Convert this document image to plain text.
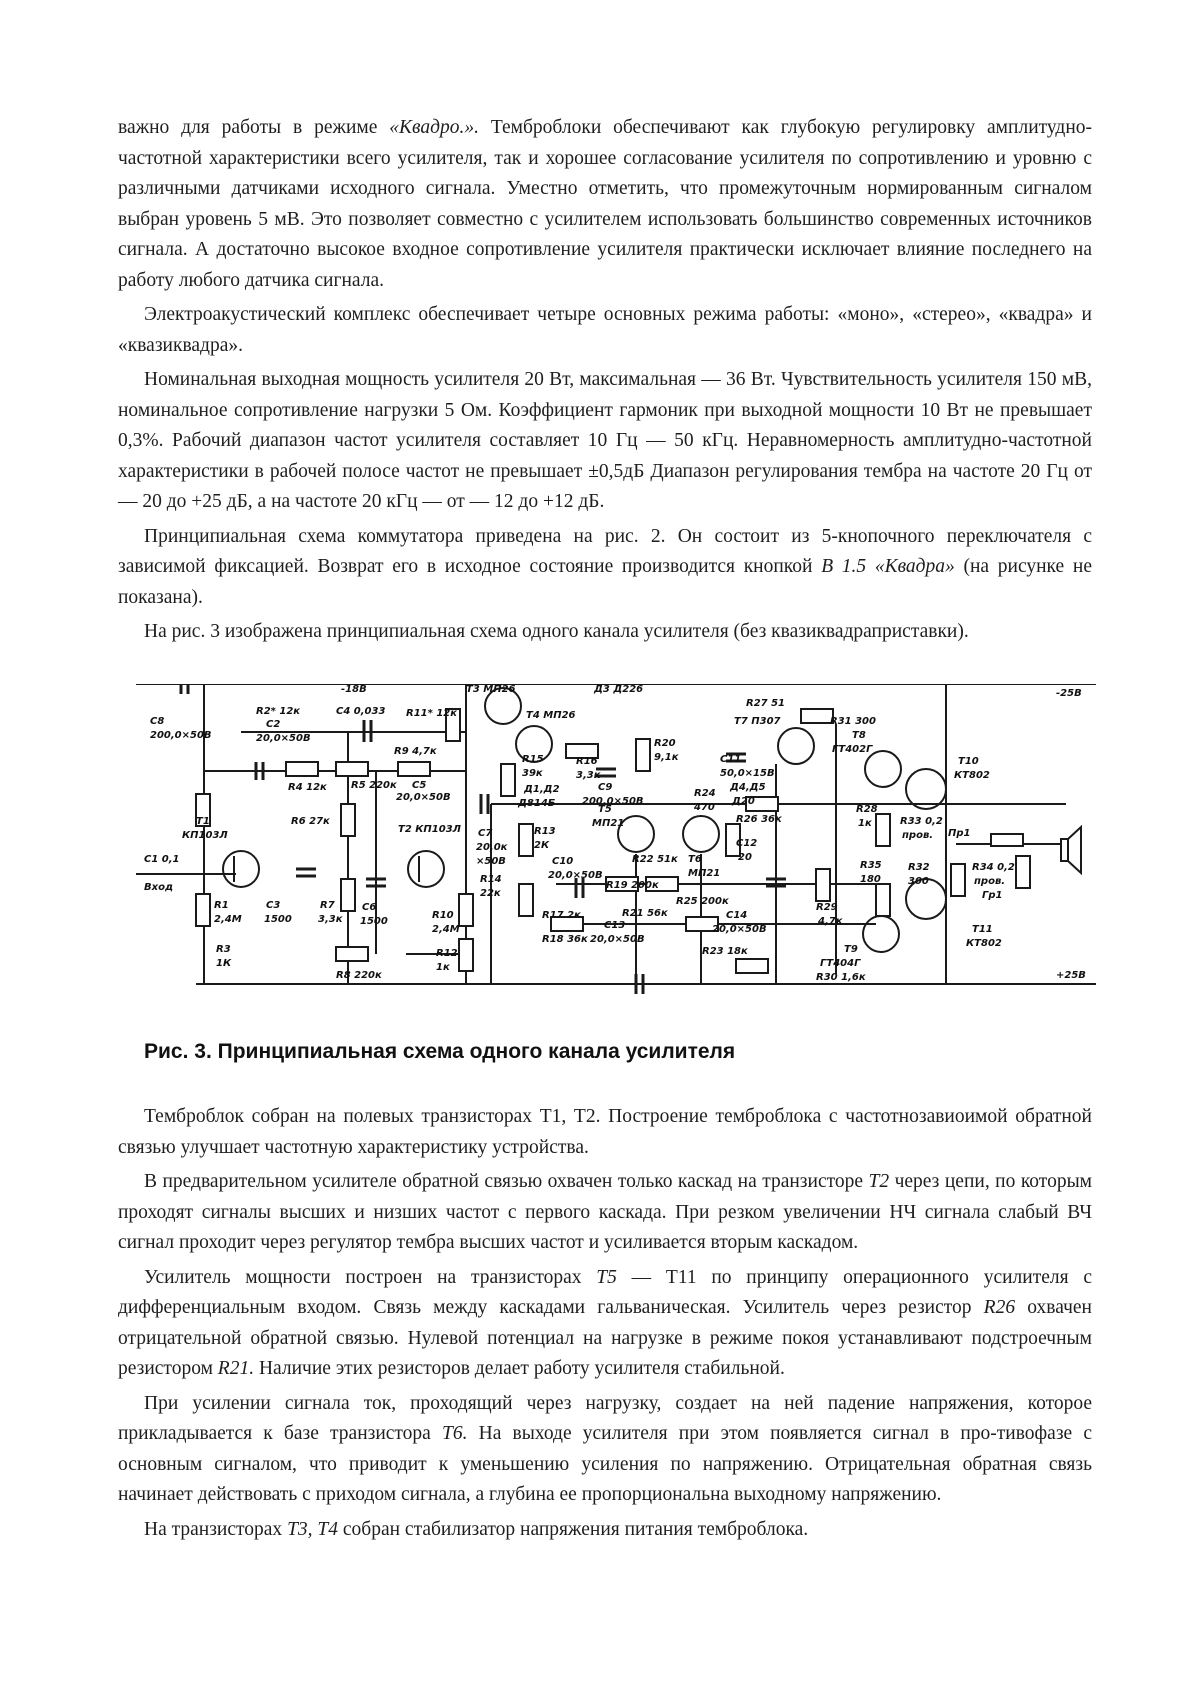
важно для работы в режиме «Квадро.». Темброблоки обеспечивают как глубокую регулировку амплитудно-частотной характеристики всего усилителя, так и хорошее согласование усилителя по сопротивлению и уровню с различными датчиками исходного сигнала. Уместно отметить, что промежуточным нормированным сигналом выбран уровень 5 мВ. Это позволяет совместно с усилителем использовать большинство современных источников сигнала. А достаточно высокое входное сопротивление усилителя практически исключает влияние последнего на работу любого датчика сигнала.

Электроакустический комплекс обеспечивает четыре основных режима работы: «моно», «стерео», «квадра» и «квазиквадра».

Номинальная выходная мощность усилителя 20 Вт, максимальная — 36 Вт. Чувствительность усилителя 150 мВ, номинальное сопротивление нагрузки 5 Ом. Коэффициент гармоник при выходной мощности 10 Вт не превышает 0,3%. Рабочий диапазон частот усилителя составляет 10 Гц — 50 кГц. Неравномерность амплитудно-частотной характеристики в рабочей полосе частот не превышает ±0,5дБ Диапазон регулирования тембра на частоте 20 Гц от — 20 до +25 дБ, а на частоте 20 кГц — от — 12 до +12 дБ.

Принципиальная схема коммутатора приведена на рис. 2. Он состоит из 5-кнопочного переключателя с зависимой фиксацией. Возврат его в исходное состояние производится кнопкой В 1.5 «Квадра» (на рисунке не показана).

На рис. 3 изображена принципиальная схема одного канала усилителя (без квазиквадраприставки).

-18В	-25В
+25В
Т3 МП26	Д3 Д226
Т4 МП26
С8
200,0×50В
R2* 12к	С4 0,033 R11* 12к
С2
20,0×50В
R9 4,7к
R4 12к R5 220к С5
20,0×50В
R6 27к
Т2 КП103Л
Т1
КП103Л
С1 0,1
Вход
R1
2,4М
С3
1500
R7
3,3к
С6
1500
R10
2,4М
R3
1К
R8 220к
R12
1к
R15
39к
R16
3,3к
Д1,Д2
Д814Б
С9
200,0×50В
С7
20,0к
×50В
R13
2К
Т5
МП21
R14
22к
С10
20,0×50В
R17 2к
R18 36к
R19 200к
R21 56к
R22 51к Т6
МП21
R20
9,1к
R27 51
Т7 П307
С11
50,0×15В
Д4,Д5
Д20
R24
470
R26 36к
С12
20
R25 200к
С14
20,0×50В
С13
20,0×50В
R23 18к
R31 300
Т8
ГТ402Г
Т10
КТ802
R28
1к	R33 0,2
пров. Пр1
R35
180
R32
300
R34 0,2
пров.
Гр1
R29
4,7к
Т9
ГТ404Г
R30 1,6к
Т11
КТ802
Рис. 3. Принципиальная схема одного канала усилителя

Темброблок собран на полевых транзисторах Т1, Т2. Построение темброблока с частотнозавиоимой обратной связью улучшает частотную характеристику устройства.

В предварительном усилителе обратной связью охвачен только каскад на транзисторе Т2 через цепи, по которым проходят сигналы высших и низших частот с первого каскада. При резком увеличении НЧ сигнала слабый ВЧ сигнал проходит через регулятор тембра высших частот и усиливается вторым каскадом.

Усилитель мощности построен на транзисторах Т5 — Т11 по принципу операционного усилителя с дифференциальным входом. Связь между каскадами гальваническая. Усилитель через резистор R26 охвачен отрицательной обратной связью. Нулевой потенциал на нагрузке в режиме покоя устанавливают подстроечным резистором R21. Наличие этих резисторов делает работу усилителя стабильной.

При усилении сигнала ток, проходящий через нагрузку, создает на ней падение напряжения, которое прикладывается к базе транзистора Т6. На выходе усилителя при этом появляется сигнал в про-тивофазе с основным сигналом, что приводит к уменьшению усиления по напряжению. Отрицательная обратная связь начинает действовать с приходом сигнала, а глубина ее пропорциональна выходному напряжению.

На транзисторах Т3, Т4 собран стабилизатор напряжения питания темброблока.
